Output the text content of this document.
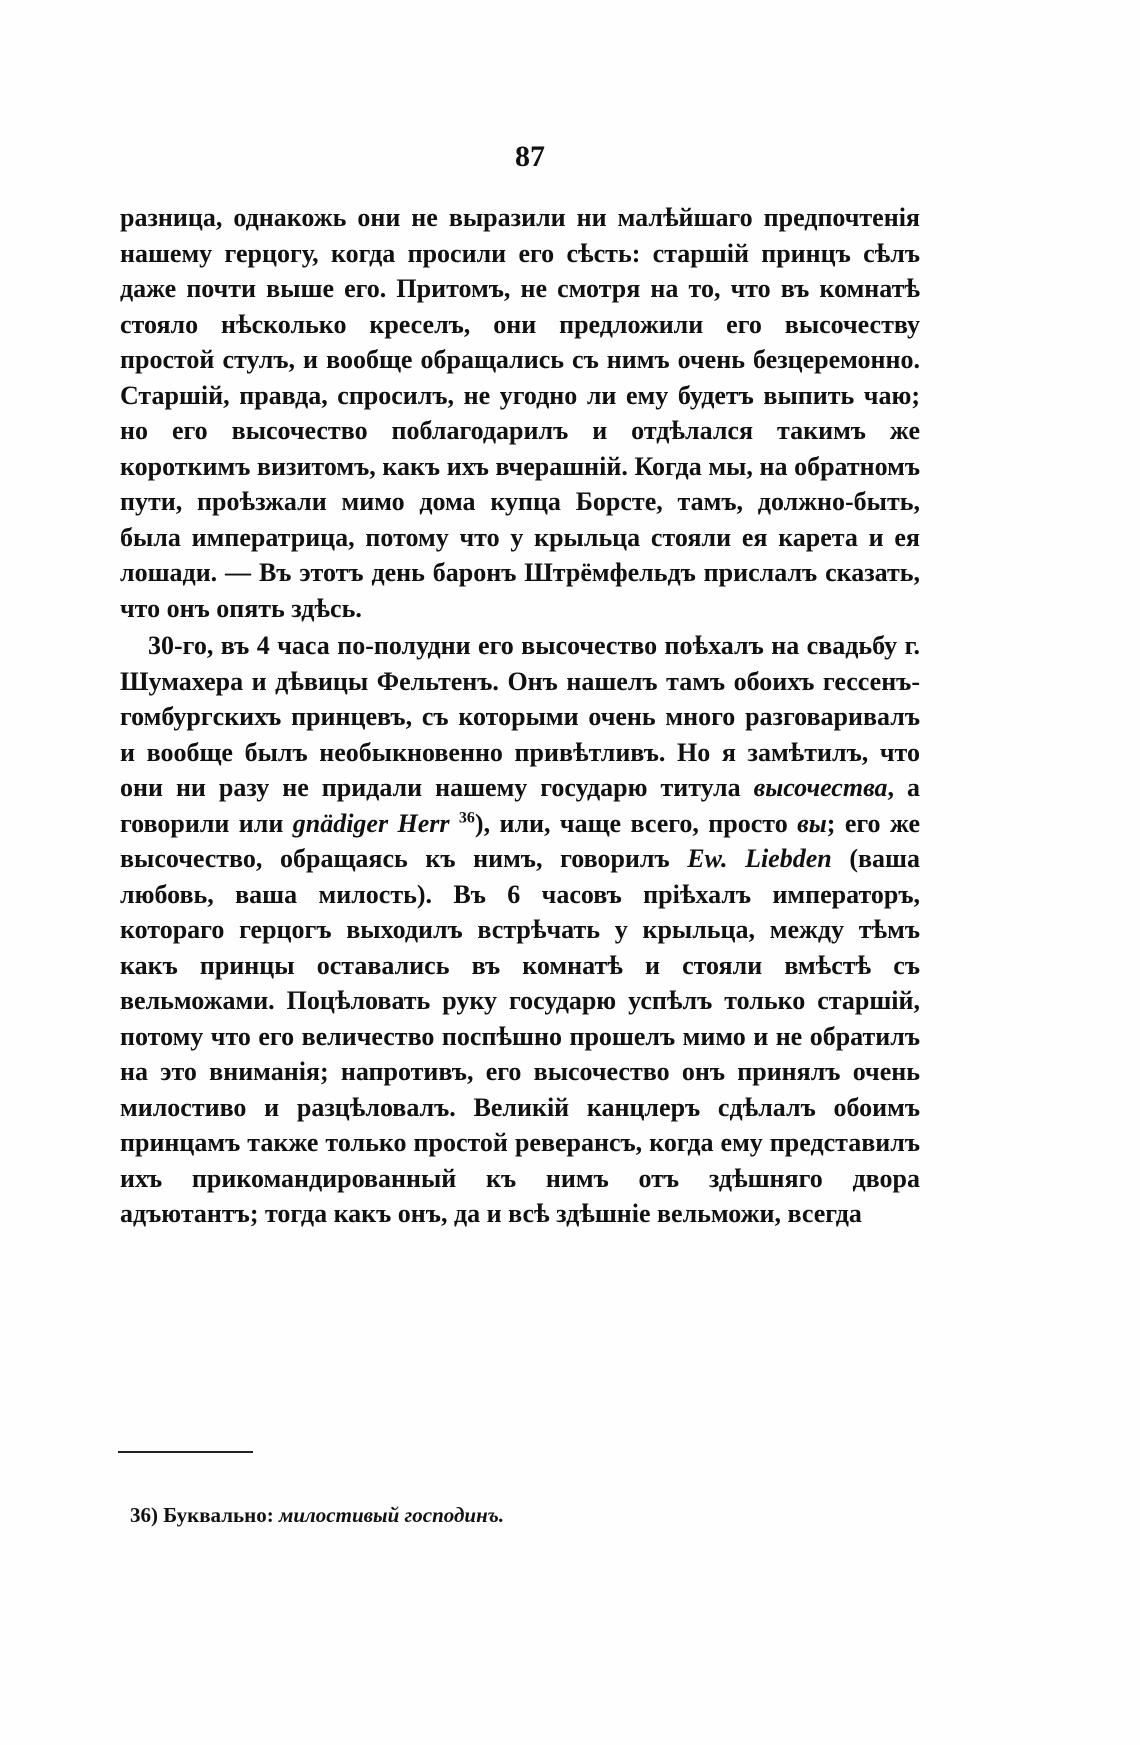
87

разница, однакожь они не выразили ни малѣйшаго предпочтенія нашему герцогу, когда просили его сѣсть: старшій принцъ сѣлъ даже почти выше его. Притомъ, не смотря на то, что въ комнатѣ стояло нѣсколько креселъ, они предложили его высочеству простой стулъ, и вообще обращались съ нимъ очень безцеремонно. Старшій, правда, спросилъ, не угодно ли ему будетъ выпить чаю; но его высочество поблагодарилъ и отдѣлался такимъ же короткимъ визитомъ, какъ ихъ вчерашній. Когда мы, на обратномъ пути, проѣзжали мимо дома купца Борсте, тамъ, должно-быть, была императрица, потому что у крыльца стояли ея карета и ея лошади. — Въ этотъ день баронъ Штрёмфельдъ прислалъ сказать, что онъ опять здѣсь.

30-го, въ 4 часа по-полудни его высочество поѣхалъ на свадьбу г. Шумахера и дѣвицы Фельтенъ. Онъ нашелъ тамъ обоихъ гессенъ-гомбургскихъ принцевъ, съ которыми очень много разговаривалъ и вообще былъ необыкновенно привѣтливъ. Но я замѣтилъ, что они ни разу не придали нашему государю титула высочества, а говорили или gnädiger Herr $^{36}$), или, чаще всего, просто вы; его же высочество, обращаясь къ нимъ, говорилъ Ew. Liebden (ваша любовь, ваша милость). Въ 6 часовъ пріѣхалъ императоръ, котораго герцогъ выходилъ встрѣчать у крыльца, между тѣмъ какъ принцы оставались въ комнатѣ и стояли вмѣстѣ съ вельможами. Поцѣловать руку государю успѣлъ только старшій, потому что его величество поспѣшно прошелъ мимо и не обратилъ на это вниманія; напротивъ, его высочество онъ принялъ очень милостиво и разцѣловалъ. Великій канцлеръ сдѣлалъ обоимъ принцамъ также только простой реверансъ, когда ему представилъ ихъ прикомандированный къ нимъ отъ здѣшняго двора адъютантъ; тогда какъ онъ, да и всѣ здѣшніе вельможи, всегда

36) Буквально: милостивый господинъ.
